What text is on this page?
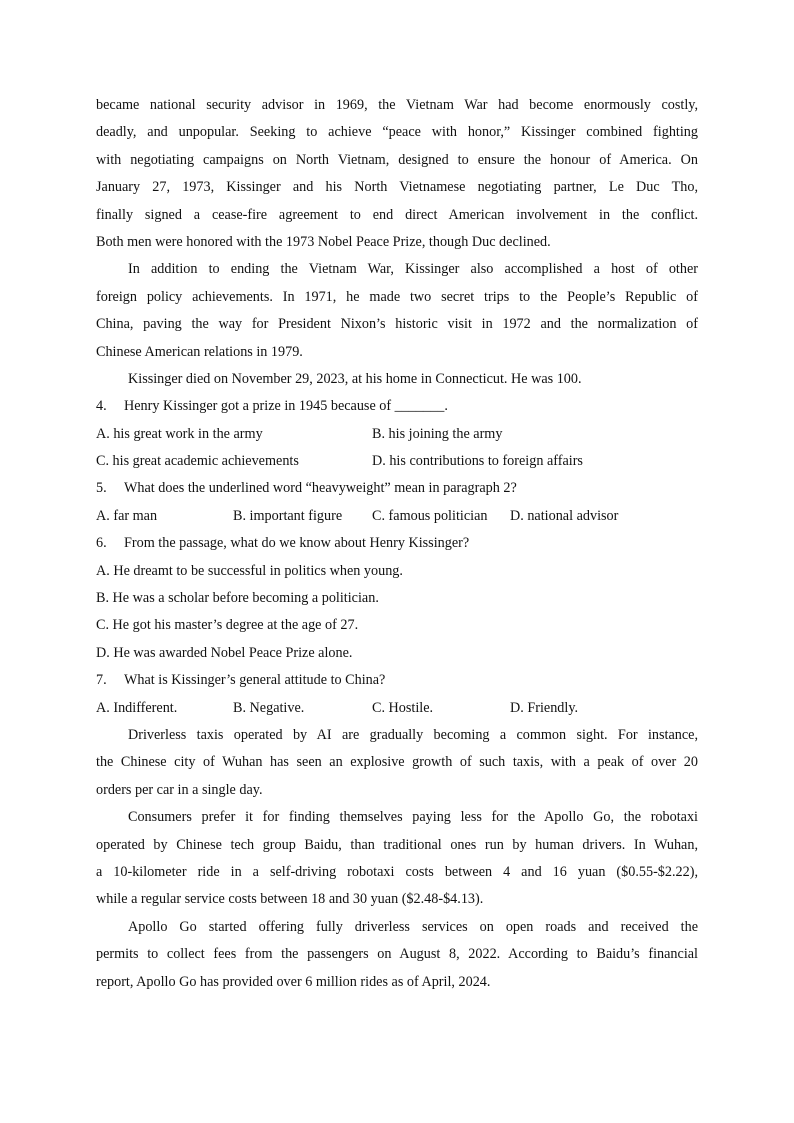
became national security advisor in 1969, the Vietnam War had become enormously costly,
deadly, and unpopular. Seeking to achieve “peace with honor,” Kissinger combined fighting
with negotiating campaigns on North Vietnam, designed to ensure the honour of America. On
January 27, 1973, Kissinger and his North Vietnamese negotiating partner, Le Duc Tho,
finally signed a cease-fire agreement to end direct American involvement in the conflict.
Both men were honored with the 1973 Nobel Peace Prize, though Duc declined.
In addition to ending the Vietnam War, Kissinger also accomplished a host of other
foreign policy achievements. In 1971, he made two secret trips to the People’s Republic of
China, paving the way for President Nixon’s historic visit in 1972 and the normalization of
Chinese American relations in 1979.
Kissinger died on November 29, 2023, at his home in Connecticut. He was 100.
4. Henry Kissinger got a prize in 1945 because of _______.
A. his great work in the army	B. his joining the army
C. his great academic achievements	D. his contributions to foreign affairs
5. What does the underlined word “heavyweight” mean in paragraph 2?
A. far man	B. important figure C. famous politician D. national advisor
6. From the passage, what do we know about Henry Kissinger?
A. He dreamt to be successful in politics when young.
B. He was a scholar before becoming a politician.
C. He got his master’s degree at the age of 27.
D. He was awarded Nobel Peace Prize alone.
7. What is Kissinger’s general attitude to China?
A. Indifferent.	B. Negative.	C. Hostile.	D. Friendly.
Driverless taxis operated by AI are gradually becoming a common sight. For instance,
the Chinese city of Wuhan has seen an explosive growth of such taxis, with a peak of over 20
orders per car in a single day.
Consumers prefer it for finding themselves paying less for the Apollo Go, the robotaxi
operated by Chinese tech group Baidu, than traditional ones run by human drivers. In Wuhan,
a 10-kilometer ride in a self-driving robotaxi costs between 4 and 16 yuan ($0.55-$2.22),
while a regular service costs between 18 and 30 yuan ($2.48-$4.13).
Apollo Go started offering fully driverless services on open roads and received the
permits to collect fees from the passengers on August 8, 2022. According to Baidu’s financial
report, Apollo Go has provided over 6 million rides as of April, 2024.
